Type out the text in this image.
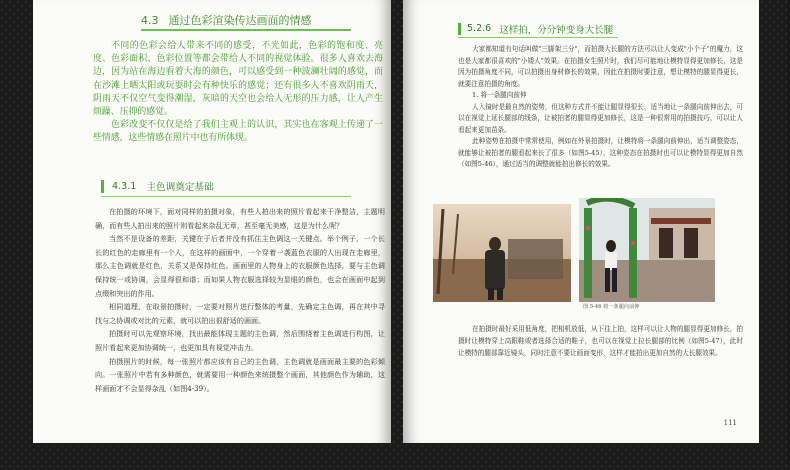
4.3 通过色彩渲染传达画面的情感

不同的色彩会给人带来不同的感受，不光如此，色彩的饱和度、亮度、色彩面积、色彩位置等都会带给人不同的视觉体验。很多人喜欢去海边，因为站在海边看着大海的颜色，可以感受到一种波澜壮阔的感觉，而在沙滩上晒太阳或玩耍时会有种快乐的感觉；还有很多人不喜欢阴雨天，阴雨天不仅空气变得潮湿，灰暗的天空也会给人无形的压力感，让人产生烦躁、压抑的感觉。

色彩改变不仅仅是给了我们主观上的认识，其实也在客观上传递了一些情感，这些情感在照片中也有所体现。

4.3.1 主色调奠定基础

在拍摄的环境下，面对同样的拍摄对象，有些人拍出来的照片看起来干净整洁，主题明确，而有些人拍出来的照片则看起来杂乱无章，甚至毫无美感，这是为什么呢？

当然不是设备的差距，关键在于后者并没有抓住主色调这一关键点。举个例子，一个长长的红色的走廊里有一个人，在这样的画面中，一个穿着一袭蓝色衣服的人出现在走廊里，那么主色调就是红色，关系又是保持红色。画面里的人物身上的衣服颜色选择，要与主色调保持统一或协调，会显得很和谐；而如果人物衣服选择较为显眼的颜色，也会在画面中起到点缀和突出的作用。

相同道理，在取景拍摄时，一定要对照片进行整体的考量，先确定主色调，再在其中寻找与之协调或对比的元素，就可以拍出很舒适的画面。

拍摄时可以先观察环境，找出最能体现主题的主色调，然后围绕着主色调进行构图，让照片看起来更加协调统一，也更加具有视觉冲击力。

拍摄照片的时候，每一张照片都应该有自己的主色调，主色调就是画面最主要的色彩倾向。一张照片中若有多种颜色，就需要用一种颜色来统摄整个画面，其他颜色作为辅助，这样画面才不会显得杂乱（如图4-39）。

5.2.6 这样拍，分分钟变身大长腿

大家都知道有句话叫做"三脚架三分"，而拍摄大长腿的方法可以让人变成"小个子"的魔力，这也是大家都很喜欢的"小矮人"效果。在拍摄女生照片时，我们尽可能地让模特显得更加修长，这是因为拍摄角度不同，可以拍摄出身材修长的效果，因此在拍摄时要注意，想让模特的腿显得更长，就要注意拍摄的角度。

1. 将一条腿向前伸

人入镜时是最自然的姿势，但这种方式并不能让腿显得很长，适当地让一条腿向前伸出去，可以在视觉上延长腿部的线条，让被拍者的腿显得更加修长，这是一种很常用的拍摄技巧，可以让人看起来更加苗条。

此种姿势在拍摄中常常使用，例如在外景拍摄时，让模特将一条腿向前伸出，适当调整姿态，就能够让被拍者的腿看起来长了很多（如图5-45），这种姿态在拍摄时也可以让模特显得更加自然（如图5-46），通过适当的调整就能拍出修长的效果。

图 5-46 将一条腿向前伸

在拍摄时最好采用低角度，把相机放低，从下往上拍，这样可以让人物的腿显得更加修长，拍摄时让模特穿上高跟鞋或者选择合适的鞋子，也可以在视觉上拉长腿部的比例（如图5-47），此时让模特的腿部靠近镜头，同时注意不要让画面变形，这样才能拍出更加自然的大长腿效果。

111
